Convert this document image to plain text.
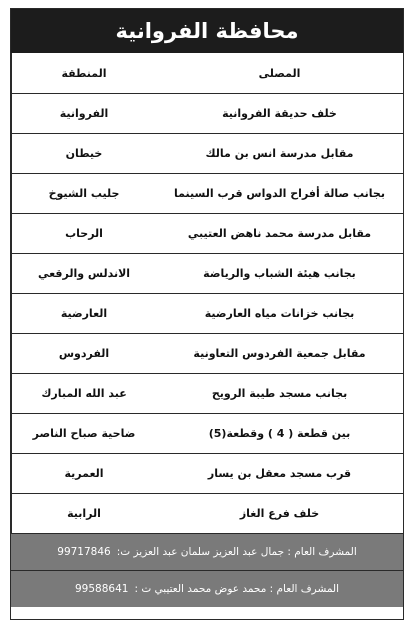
محافظة الفروانية
المنطقة	المصلى
الفروانية	خلف حديقة الفروانية
خيطان	مقابل مدرسة انس بن مالك
جليب الشيوخ	بجانب صالة أفراح الدواس قرب السينما
الرحاب	مقابل مدرسة محمد ناهض العتيبي
الاندلس والرقعي	بجانب هيئة الشباب والرياضة
العارضية	بجانب خزانات مياه العارضية
الفردوس	مقابل جمعية الفردوس التعاونية
عبد الله المبارك	بجانب مسجد طيبة الرويح
ضاحية صباح الناصر	بين قطعة ( 4 ) وقطعة(5)
العمرية	قرب مسجد معقل بن يسار
الرابية	خلف فرع الغاز
المشرف العام : جمال عبد العزيز سلمان عبد العزيز ت:
99717846
المشرف العام : محمد عوض محمد العتيبي ت :
99588641
